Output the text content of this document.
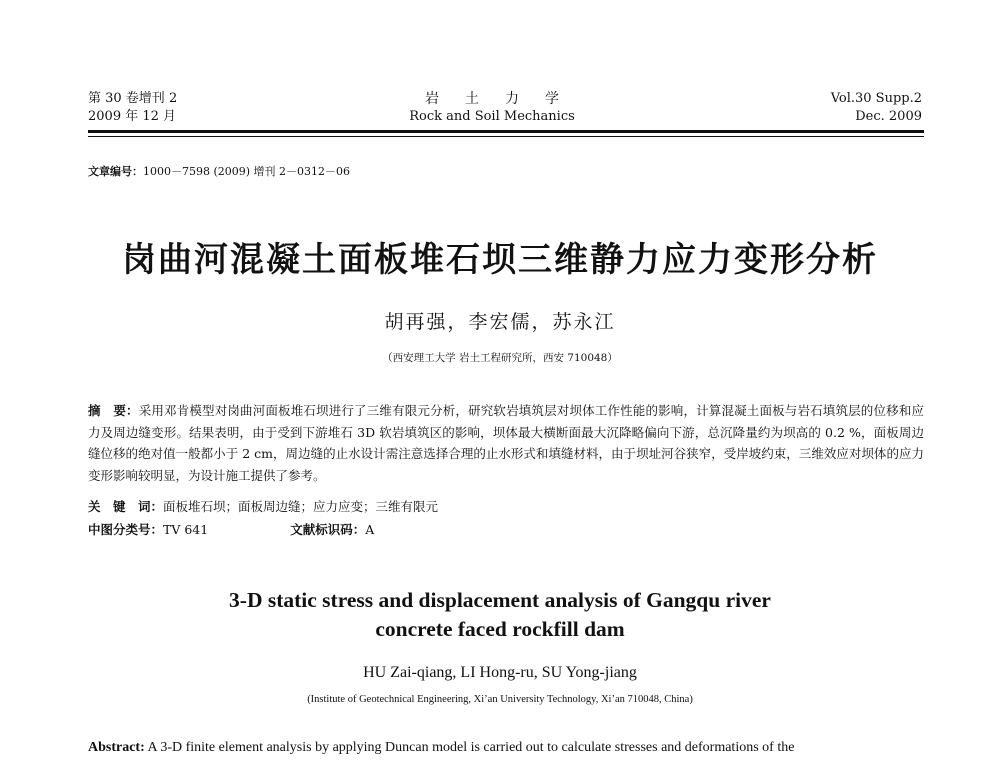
第 30 卷增刊 2
2009 年 12 月
岩土力学
Rock and Soil Mechanics
Vol.30 Supp.2
Dec. 2009
文章编号：1000－7598 (2009) 增刊 2－0312－06
岗曲河混凝土面板堆石坝三维静力应力变形分析
胡再强，李宏儒，苏永江
（西安理工大学 岩土工程研究所，西安 710048）
摘　要：采用邓肯模型对岗曲河面板堆石坝进行了三维有限元分析，研究软岩填筑层对坝体工作性能的影响，计算混凝土面板与岩石填筑层的位移和应力及周边缝变形。结果表明，由于受到下游堆石 3D 软岩填筑区的影响，坝体最大横断面最大沉降略偏向下游，总沉降量约为坝高的 0.2 %，面板周边缝位移的绝对值一般都小于 2 cm，周边缝的止水设计需注意选择合理的止水形式和填缝材料，由于坝址河谷狭窄，受岸坡约束，三维效应对坝体的应力变形影响较明显，为设计施工提供了参考。
关　键　词：面板堆石坝；面板周边缝；应力应变；三维有限元
中图分类号：TV 641	文献标识码：A
3-D static stress and displacement analysis of Gangqu river
concrete faced rockfill dam
HU Zai-qiang, LI Hong-ru, SU Yong-jiang
(Institute of Geotechnical Engineering, Xi’an University Technology, Xi’an 710048, China)
Abstract: A 3-D finite element analysis by applying Duncan model is carried out to calculate stresses and deformations of the
